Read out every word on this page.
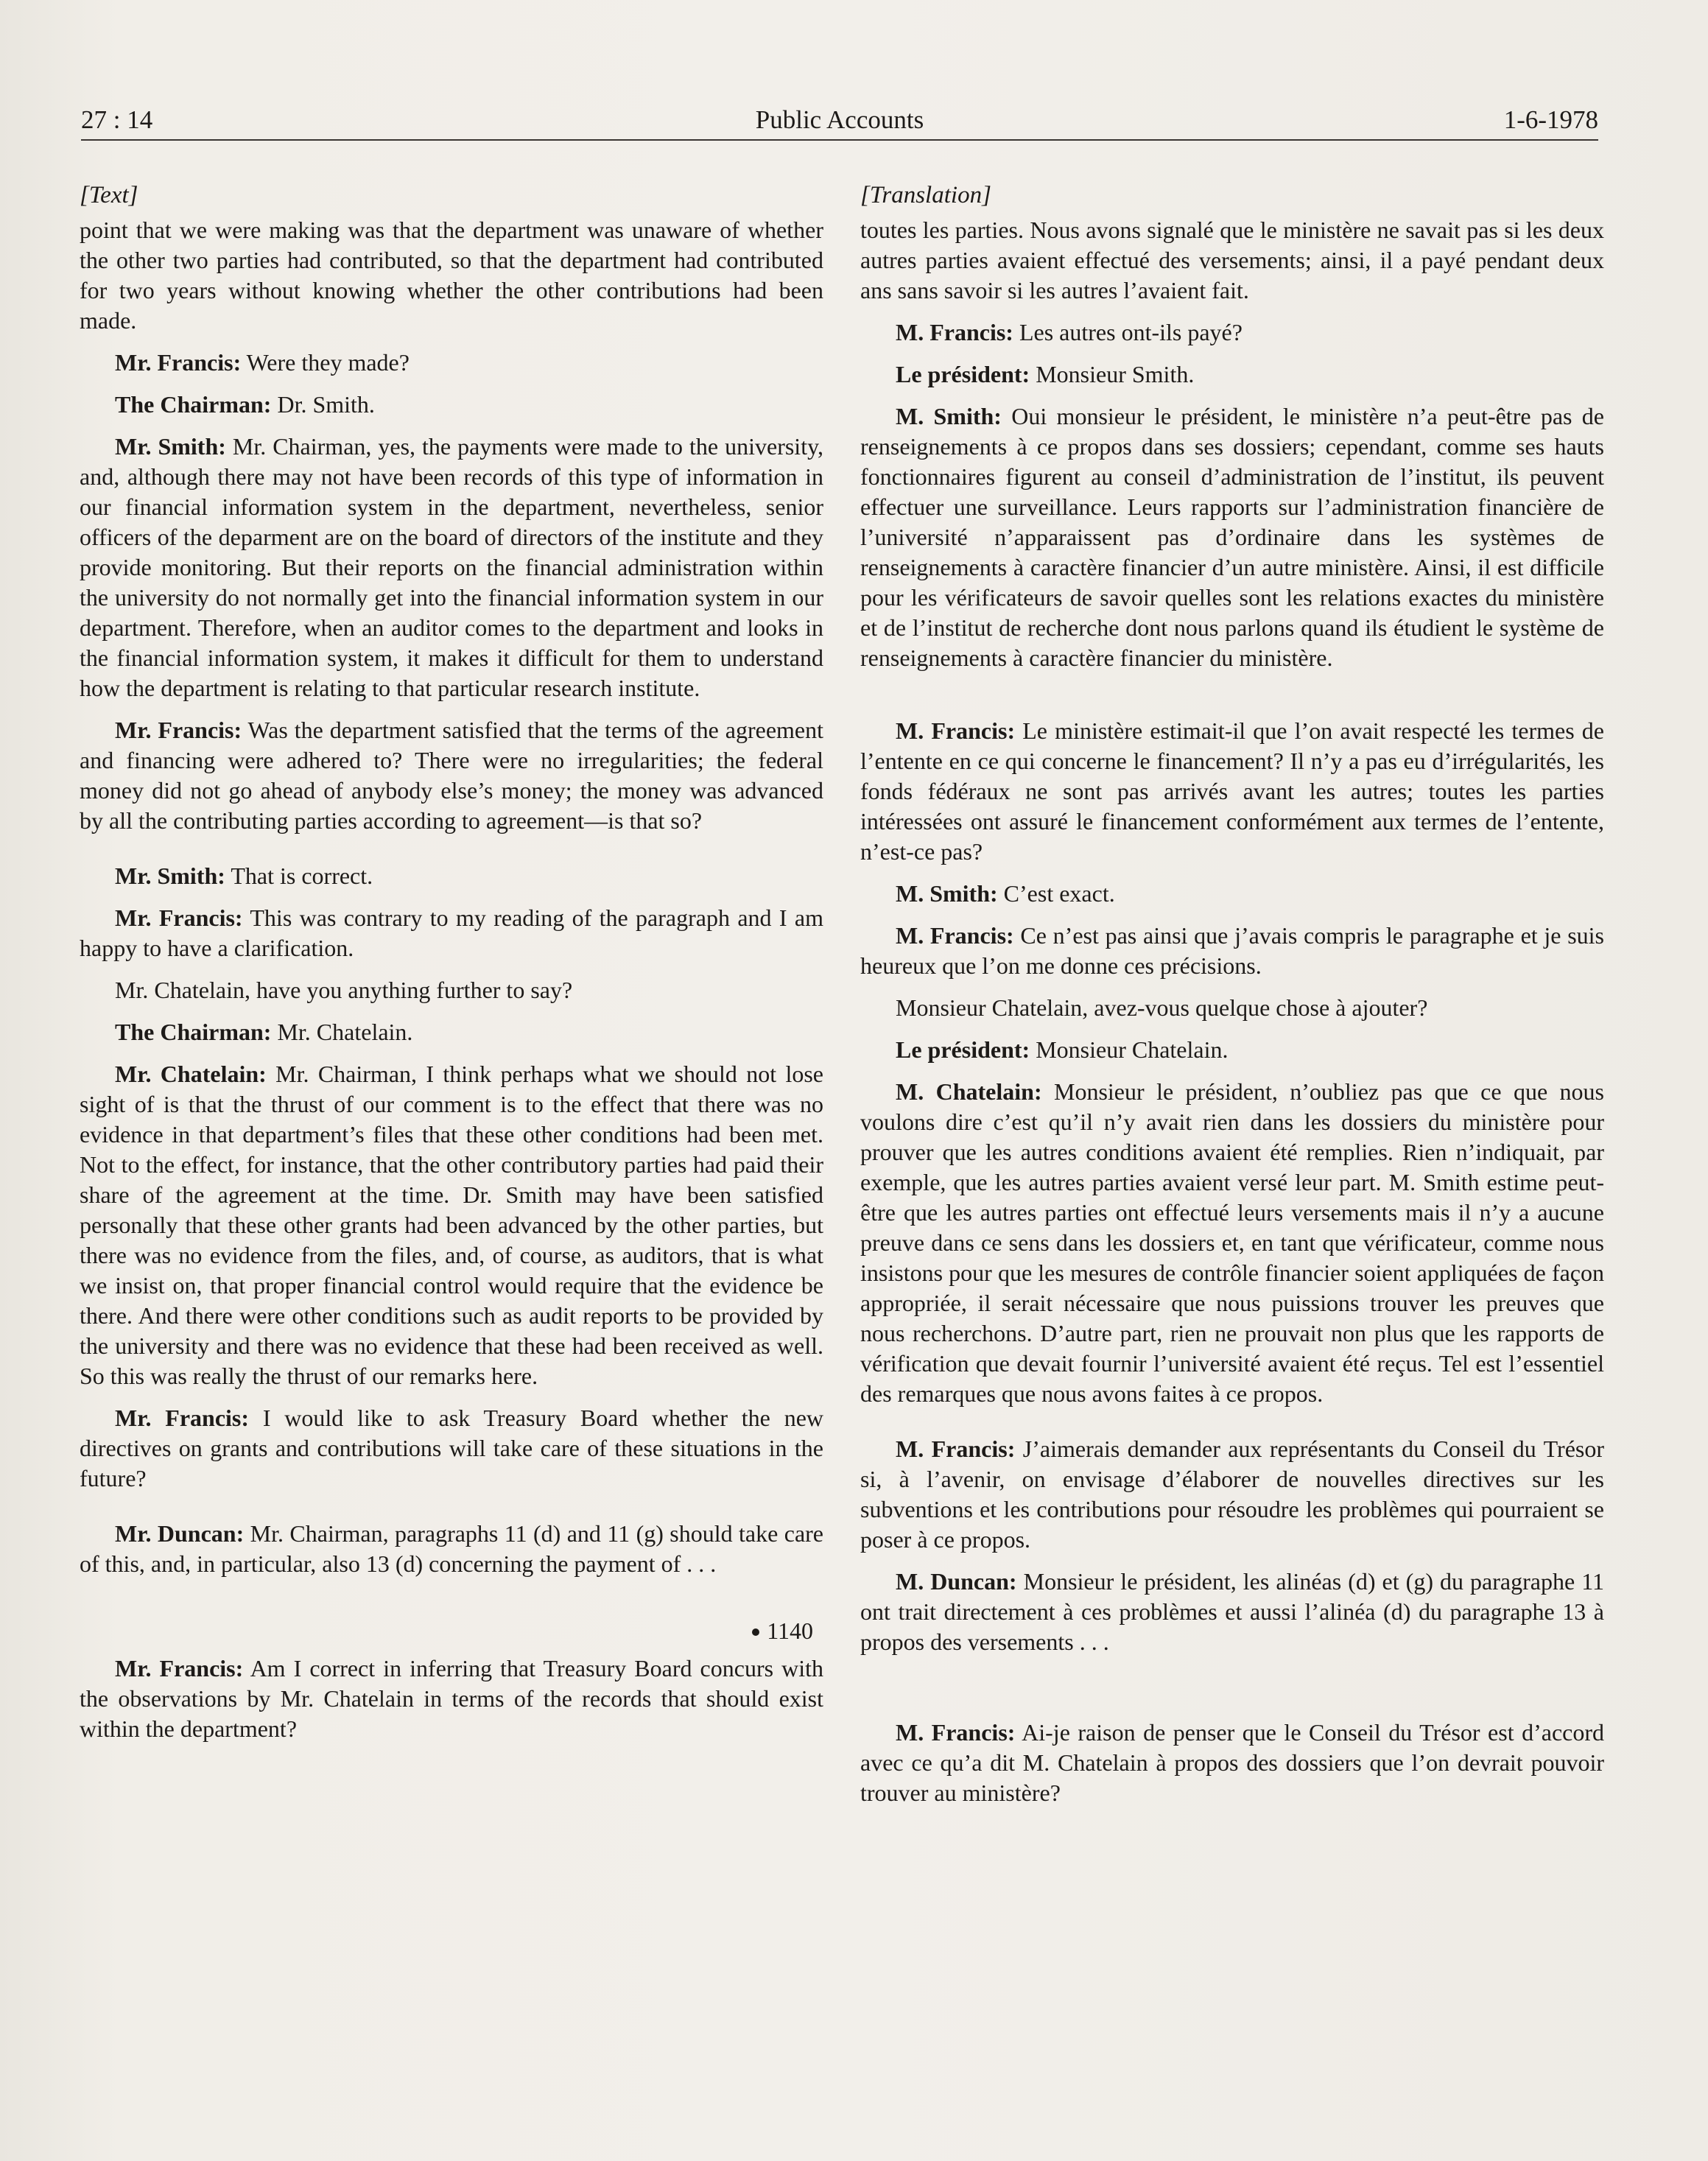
27 : 14	Public Accounts	1-6-1978

[Text]

point that we were making was that the department was unaware of whether the other two parties had contributed, so that the department had contributed for two years without knowing whether the other contributions had been made.

Mr. Francis: Were they made?

The Chairman: Dr. Smith.

Mr. Smith: Mr. Chairman, yes, the payments were made to the university, and, although there may not have been records of this type of information in our financial information system in the department, nevertheless, senior officers of the deparment are on the board of directors of the institute and they provide monitoring. But their reports on the financial administration within the university do not normally get into the financial information system in our department. Therefore, when an auditor comes to the department and looks in the financial information system, it makes it difficult for them to understand how the department is relating to that particular research institute.

Mr. Francis: Was the department satisfied that the terms of the agreement and financing were adhered to? There were no irregularities; the federal money did not go ahead of anybody else’s money; the money was advanced by all the contributing parties according to agreement—is that so?

Mr. Smith: That is correct.

Mr. Francis: This was contrary to my reading of the paragraph and I am happy to have a clarification.

Mr. Chatelain, have you anything further to say?

The Chairman: Mr. Chatelain.

Mr. Chatelain: Mr. Chairman, I think perhaps what we should not lose sight of is that the thrust of our comment is to the effect that there was no evidence in that department’s files that these other conditions had been met. Not to the effect, for instance, that the other contributory parties had paid their share of the agreement at the time. Dr. Smith may have been satisfied personally that these other grants had been advanced by the other parties, but there was no evidence from the files, and, of course, as auditors, that is what we insist on, that proper financial control would require that the evidence be there. And there were other conditions such as audit reports to be provided by the university and there was no evidence that these had been received as well. So this was really the thrust of our remarks here.

Mr. Francis: I would like to ask Treasury Board whether the new directives on grants and contributions will take care of these situations in the future?

Mr. Duncan: Mr. Chairman, paragraphs 11 (d) and 11 (g) should take care of this, and, in particular, also 13 (d) concerning the payment of . . .

1140

Mr. Francis: Am I correct in inferring that Treasury Board concurs with the observations by Mr. Chatelain in terms of the records that should exist within the department?

[Translation]

toutes les parties. Nous avons signalé que le ministère ne savait pas si les deux autres parties avaient effectué des versements; ainsi, il a payé pendant deux ans sans savoir si les autres l’avaient fait.

M. Francis: Les autres ont-ils payé?

Le président: Monsieur Smith.

M. Smith: Oui monsieur le président, le ministère n’a peut-être pas de renseignements à ce propos dans ses dossiers; cependant, comme ses hauts fonctionnaires figurent au conseil d’administration de l’institut, ils peuvent effectuer une surveillance. Leurs rapports sur l’administration financière de l’université n’apparaissent pas d’ordinaire dans les systèmes de renseignements à caractère financier d’un autre ministère. Ainsi, il est difficile pour les vérificateurs de savoir quelles sont les relations exactes du ministère et de l’institut de recherche dont nous parlons quand ils étudient le système de renseignements à caractère financier du ministère.

M. Francis: Le ministère estimait-il que l’on avait respecté les termes de l’entente en ce qui concerne le financement? Il n’y a pas eu d’irrégularités, les fonds fédéraux ne sont pas arrivés avant les autres; toutes les parties intéressées ont assuré le financement conformément aux termes de l’entente, n’est-ce pas?

M. Smith: C’est exact.

M. Francis: Ce n’est pas ainsi que j’avais compris le paragraphe et je suis heureux que l’on me donne ces précisions.

Monsieur Chatelain, avez-vous quelque chose à ajouter?

Le président: Monsieur Chatelain.

M. Chatelain: Monsieur le président, n’oubliez pas que ce que nous voulons dire c’est qu’il n’y avait rien dans les dossiers du ministère pour prouver que les autres conditions avaient été remplies. Rien n’indiquait, par exemple, que les autres parties avaient versé leur part. M. Smith estime peut-être que les autres parties ont effectué leurs versements mais il n’y a aucune preuve dans ce sens dans les dossiers et, en tant que vérificateur, comme nous insistons pour que les mesures de contrôle financier soient appliquées de façon appropriée, il serait nécessaire que nous puissions trouver les preuves que nous recherchons. D’autre part, rien ne prouvait non plus que les rapports de vérification que devait fournir l’université avaient été reçus. Tel est l’essentiel des remarques que nous avons faites à ce propos.

M. Francis: J’aimerais demander aux représentants du Conseil du Trésor si, à l’avenir, on envisage d’élaborer de nouvelles directives sur les subventions et les contributions pour résoudre les problèmes qui pourraient se poser à ce propos.

M. Duncan: Monsieur le président, les alinéas (d) et (g) du paragraphe 11 ont trait directement à ces problèmes et aussi l’alinéa (d) du paragraphe 13 à propos des versements . . .

M. Francis: Ai-je raison de penser que le Conseil du Trésor est d’accord avec ce qu’a dit M. Chatelain à propos des dossiers que l’on devrait pouvoir trouver au ministère?
